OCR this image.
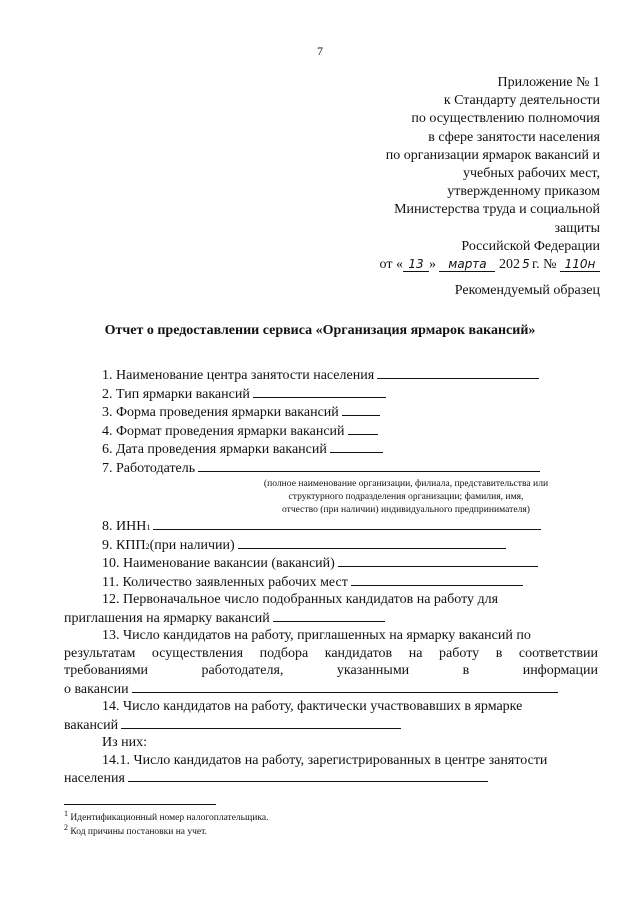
7
Приложение № 1
к Стандарту деятельности
по осуществлению полномочия
в сфере занятости населения
по организации ярмарок вакансий и
учебных рабочих мест,
утвержденному приказом
Министерства труда и социальной
защиты
Российской Федерации
от « 13 » марта 202 5 г. № 110н
Рекомендуемый образец
Отчет о предоставлении сервиса «Организация ярмарок вакансий»
1. Наименование центра занятости населения
2. Тип ярмарки вакансий
3. Форма проведения ярмарки вакансий
4. Формат проведения ярмарки вакансий
6. Дата проведения ярмарки вакансий
7. Работодатель
(полное наименование организации, филиала, представительства или
структурного подразделения организации; фамилия, имя,
отчество (при наличии) индивидуального предпринимателя)
8. ИНН 1
9. КПП 2 (при наличии)
10. Наименование вакансии (вакансий)
11. Количество заявленных рабочих мест
12. Первоначальное число подобранных кандидатов на работу для
приглашения на ярмарку вакансий
13. Число кандидатов на работу, приглашенных на ярмарку вакансий по
результатам осуществления подбора кандидатов на работу в соответствии
требованиями работодателя, указанными в информации
о вакансии
14. Число кандидатов на работу, фактически участвовавших в ярмарке
вакансий
Из них:
14.1. Число кандидатов на работу, зарегистрированных в центре занятости
населения
$^1$ Идентификационный номер налогоплательщика.
$^2$ Код причины постановки на учет.
